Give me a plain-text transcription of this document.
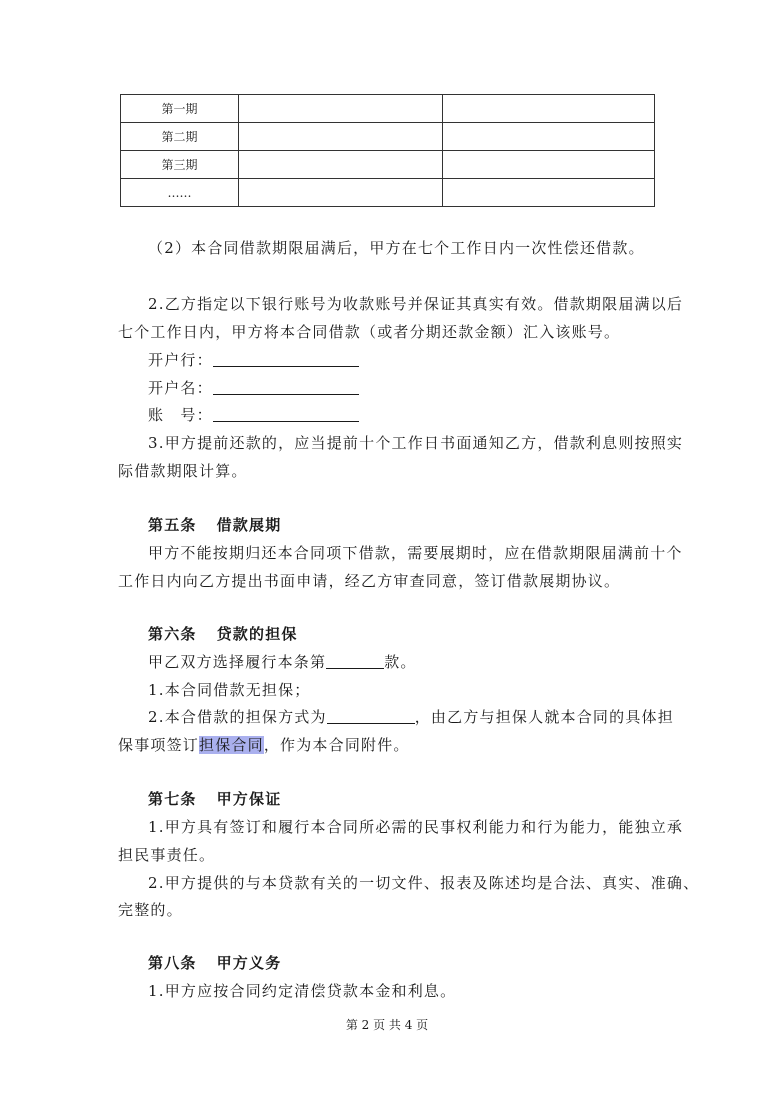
第一期		
第二期		
第三期		
……		
（2）本合同借款期限届满后，甲方在七个工作日内一次性偿还借款。
2.乙方指定以下银行账号为收款账号并保证其真实有效。借款期限届满以后
七个工作日内，甲方将本合同借款（或者分期还款金额）汇入该账号。
开户行：
开户名：
账　号：
3.甲方提前还款的，应当提前十个工作日书面通知乙方，借款利息则按照实
际借款期限计算。
第五条 借款展期
甲方不能按期归还本合同项下借款，需要展期时，应在借款期限届满前十个
工作日内向乙方提出书面申请，经乙方审查同意，签订借款展期协议。
第六条 贷款的担保
甲乙双方选择履行本条第	款。
1.本合同借款无担保；
2.本合借款的担保方式为	，由乙方与担保人就本合同的具体担
保事项签订担保合同，作为本合同附件。
第七条 甲方保证
1.甲方具有签订和履行本合同所必需的民事权利能力和行为能力，能独立承
担民事责任。
2.甲方提供的与本贷款有关的一切文件、报表及陈述均是合法、真实、准确、
完整的。
第八条 甲方义务
1.甲方应按合同约定清偿贷款本金和利息。
第 2 页 共 4 页
